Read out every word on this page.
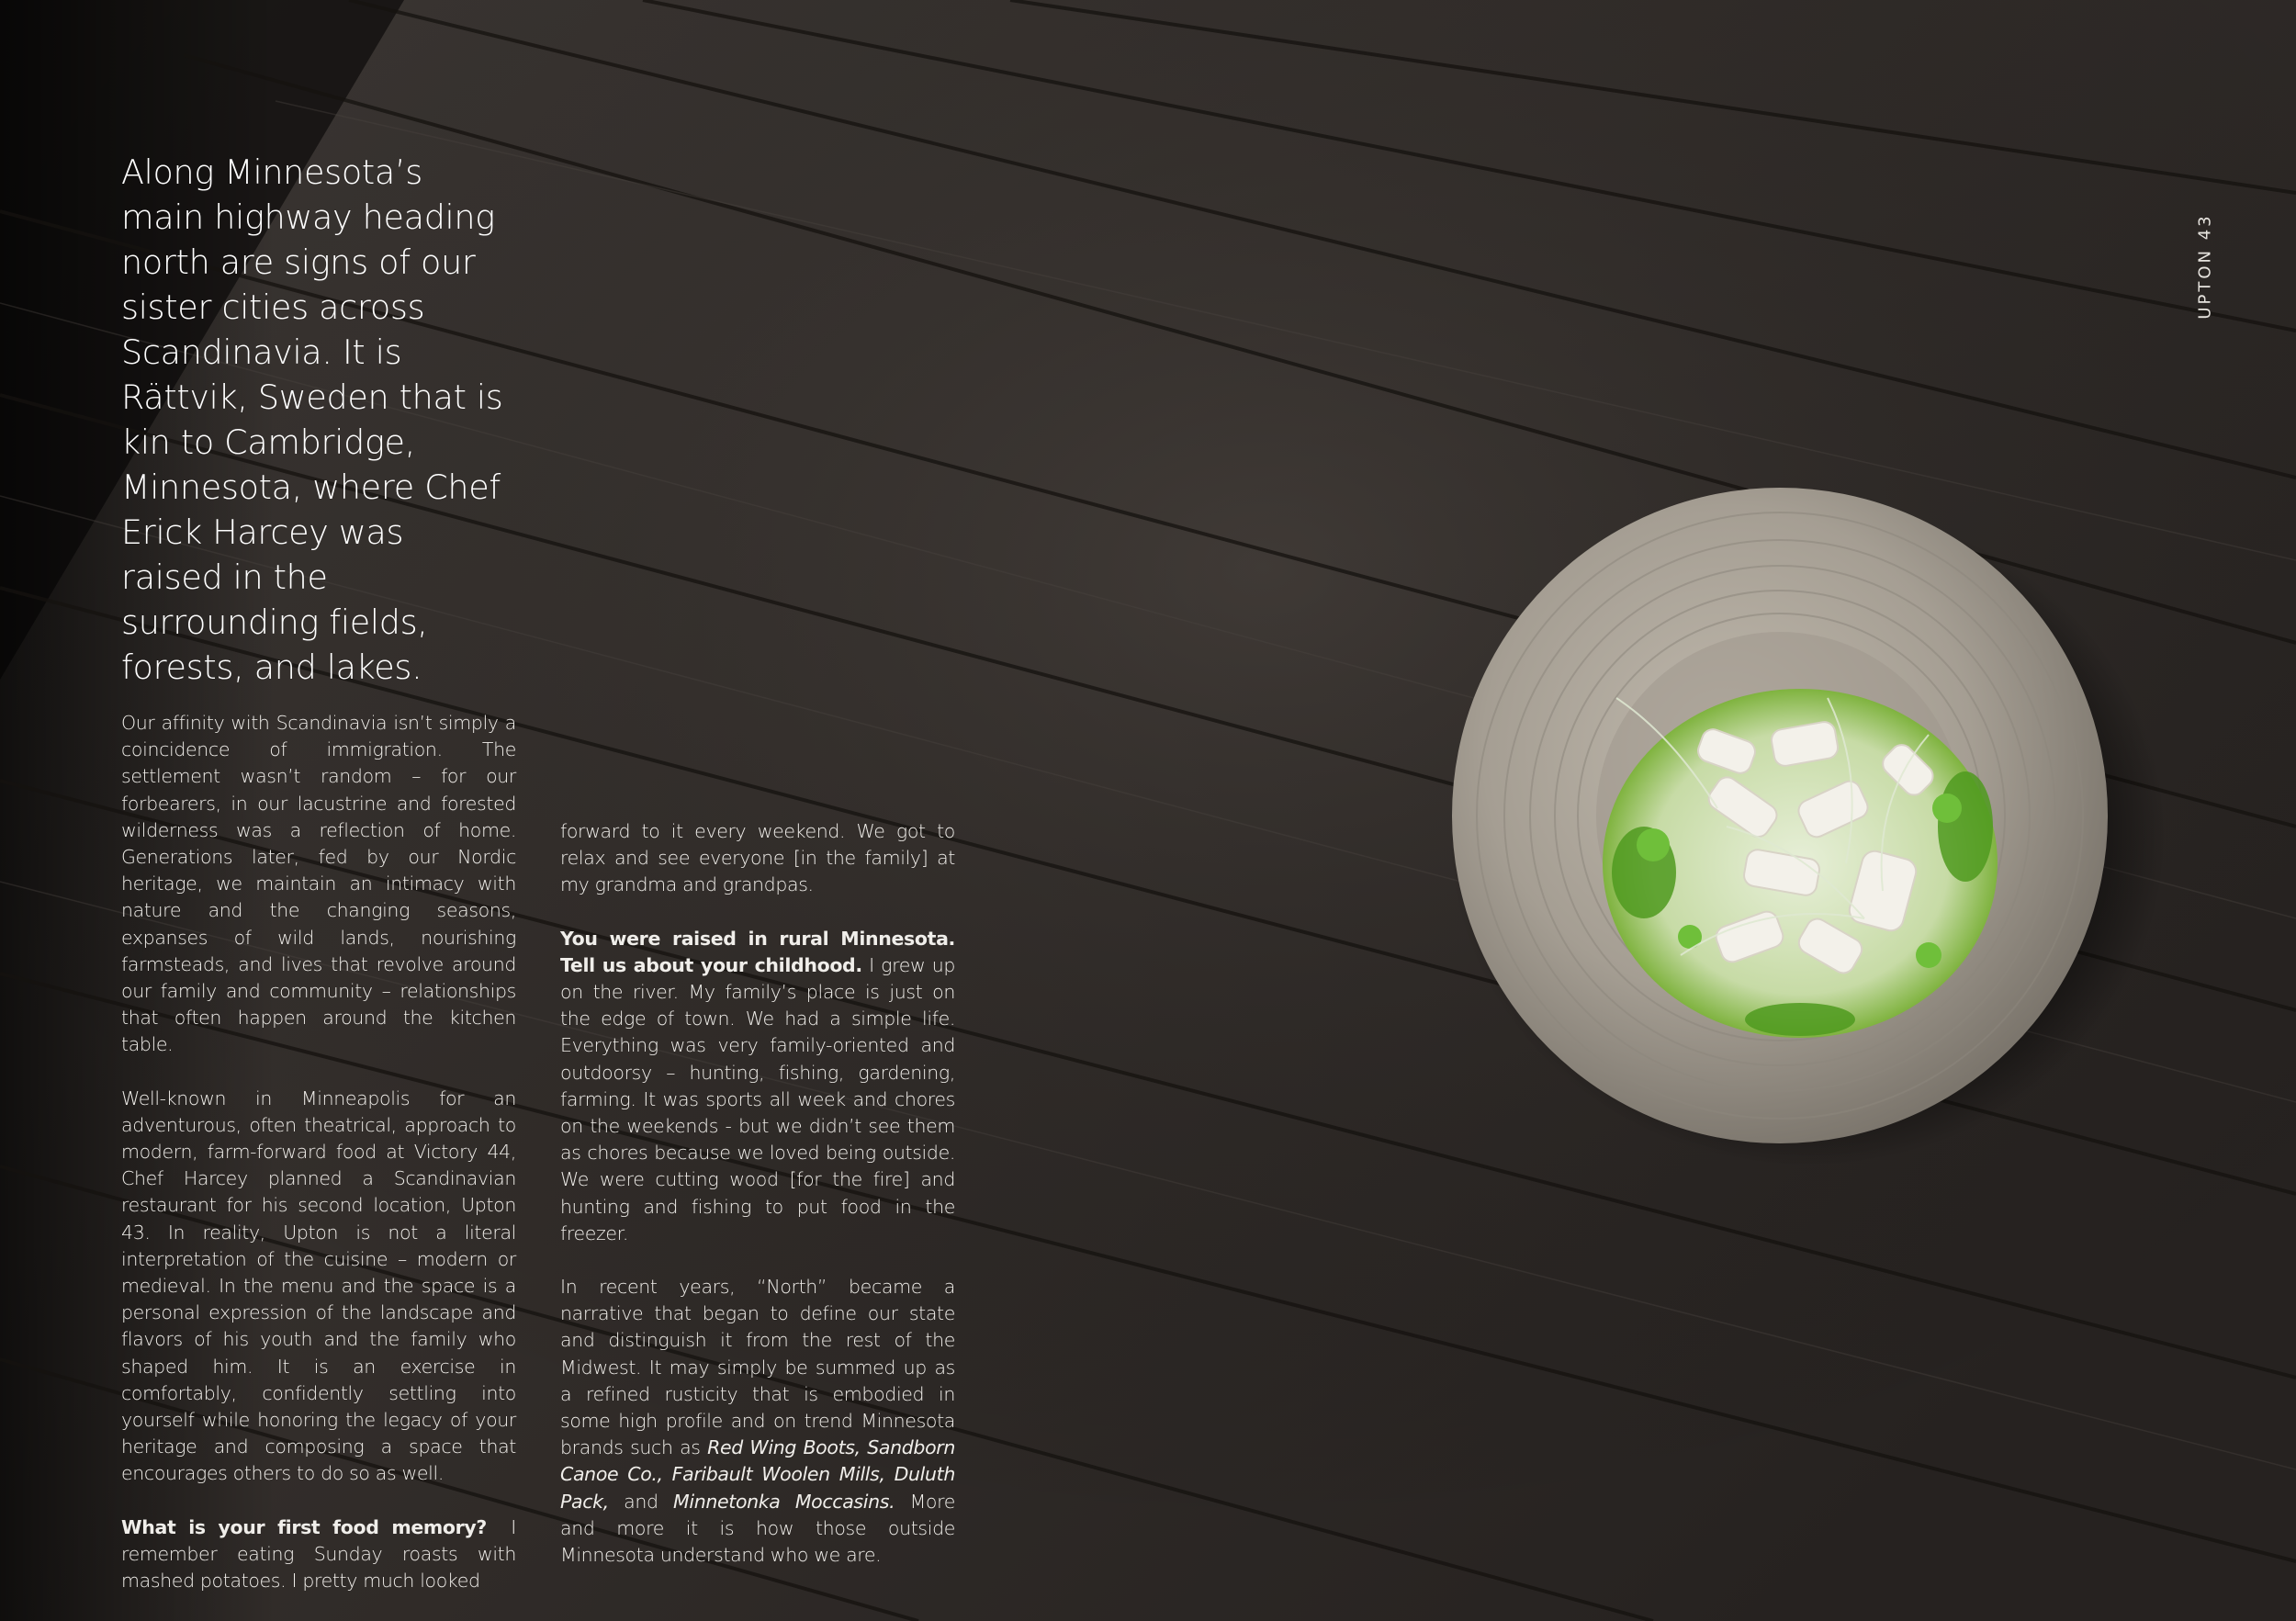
UPTON 43

Along Minnesota’s main highway heading north are signs of our sister cities across Scandinavia. It is Rättvik, Sweden that is kin to Cambridge, Minnesota, where Chef Erick Harcey was raised in the surrounding fields, forests, and lakes.

Our affinity with Scandinavia isn’t simply a coincidence of immigration. The settlement wasn’t random – for our forbearers, in our lacustrine and forested wilderness was a reflection of home. Generations later, fed by our Nordic heritage, we maintain an intimacy with nature and the changing seasons, expanses of wild lands, nourishing farmsteads, and lives that revolve around our family and community – relationships that often happen around the kitchen table.

Well-known in Minneapolis for an adventurous, often theatrical, approach to modern, farm-forward food at Victory 44, Chef Harcey planned a Scandinavian restaurant for his second location, Upton 43. In reality, Upton is not a literal interpretation of the cuisine – modern or medieval. In the menu and the space is a personal expression of the landscape and flavors of his youth and the family who shaped him. It is an exercise in comfortably, confidently settling into yourself while honoring the legacy of your heritage and composing a space that encourages others to do so as well.

What is your first food memory? I remember eating Sunday roasts with mashed potatoes. I pretty much looked

forward to it every weekend. We got to relax and see everyone [in the family] at my grandma and grandpas.

You were raised in rural Minnesota. Tell us about your childhood. I grew up on the river. My family’s place is just on the edge of town. We had a simple life. Everything was very family-oriented and outdoorsy – hunting, fishing, gardening, farming. It was sports all week and chores on the weekends - but we didn’t see them as chores because we loved being outside. We were cutting wood [for the fire] and hunting and fishing to put food in the freezer.

In recent years, “North” became a narrative that began to define our state and distinguish it from the rest of the Midwest. It may simply be summed up as a refined rusticity that is embodied in some high profile and on trend Minnesota brands such as Red Wing Boots, Sandborn Canoe Co., Faribault Woolen Mills, Duluth Pack, and Minnetonka Moccasins. More and more it is how those outside Minnesota understand who we are.
